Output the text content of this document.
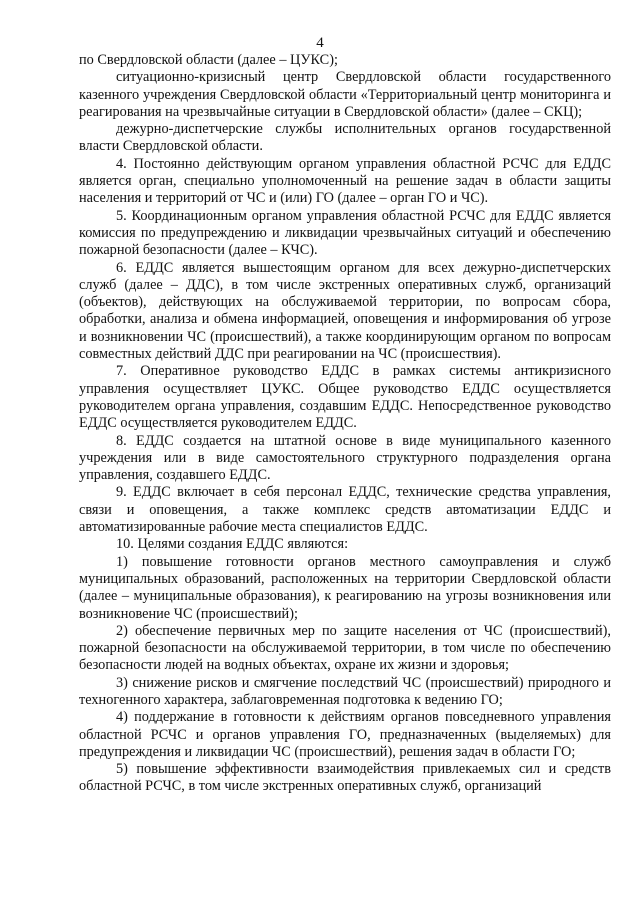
4

по Свердловской области (далее – ЦУКС);

ситуационно-кризисный центр Свердловской области государственного казенного учреждения Свердловской области «Территориальный центр мониторинга и реагирования на чрезвычайные ситуации в Свердловской области» (далее – СКЦ);

дежурно-диспетчерские службы исполнительных органов государственной власти Свердловской области.

4. Постоянно действующим органом управления областной РСЧС для ЕДДС является орган, специально уполномоченный на решение задач в области защиты населения и территорий от ЧС и (или) ГО (далее – орган ГО и ЧС).

5. Координационным органом управления областной РСЧС для ЕДДС является комиссия по предупреждению и ликвидации чрезвычайных ситуаций и обеспечению пожарной безопасности (далее – КЧС).

6. ЕДДС является вышестоящим органом для всех дежурно-диспетчерских служб (далее – ДДС), в том числе экстренных оперативных служб, организаций (объектов), действующих на обслуживаемой территории, по вопросам сбора, обработки, анализа и обмена информацией, оповещения и информирования об угрозе и возникновении ЧС (происшествий), а также координирующим органом по вопросам совместных действий ДДС при реагировании на ЧС (происшествия).

7. Оперативное руководство ЕДДС в рамках системы антикризисного управления осуществляет ЦУКС. Общее руководство ЕДДС осуществляется руководителем органа управления, создавшим ЕДДС. Непосредственное руководство ЕДДС осуществляется руководителем ЕДДС.

8. ЕДДС создается на штатной основе в виде муниципального казенного учреждения или в виде самостоятельного структурного подразделения органа управления, создавшего ЕДДС.

9. ЕДДС включает в себя персонал ЕДДС, технические средства управления, связи и оповещения, а также комплекс средств автоматизации ЕДДС и автоматизированные рабочие места специалистов ЕДДС.

10. Целями создания ЕДДС являются:

1) повышение готовности органов местного самоуправления и служб муниципальных образований, расположенных на территории Свердловской области (далее – муниципальные образования), к реагированию на угрозы возникновения или возникновение ЧС (происшествий);

2) обеспечение первичных мер по защите населения от ЧС (происшествий), пожарной безопасности на обслуживаемой территории, в том числе по обеспечению безопасности людей на водных объектах, охране их жизни и здоровья;

3) снижение рисков и смягчение последствий ЧС (происшествий) природного и техногенного характера, заблаговременная подготовка к ведению ГО;

4) поддержание в готовности к действиям органов повседневного управления областной РСЧС и органов управления ГО, предназначенных (выделяемых) для предупреждения и ликвидации ЧС (происшествий), решения задач в области ГО;

5) повышение эффективности взаимодействия привлекаемых сил и средств областной РСЧС, в том числе экстренных оперативных служб, организаций
